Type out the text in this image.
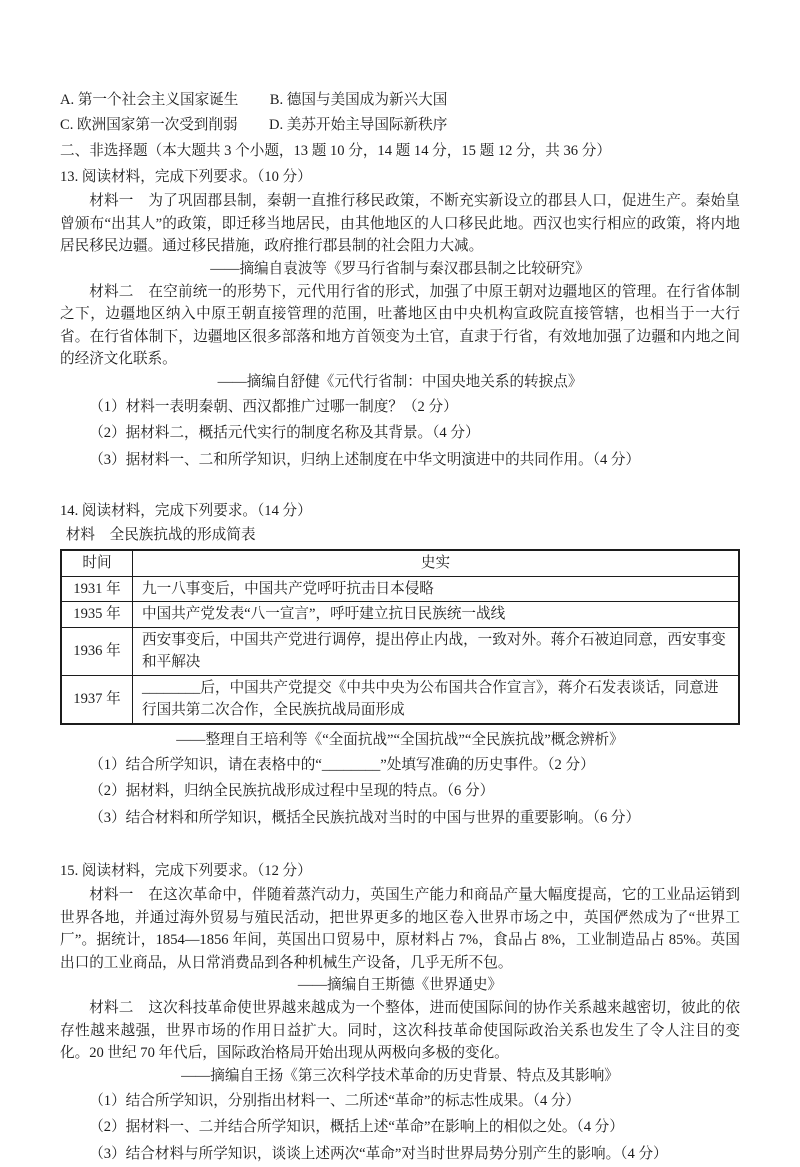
A. 第一个社会主义国家诞生 B. 德国与美国成为新兴大国
C. 欧洲国家第一次受到削弱 D. 美苏开始主导国际新秩序
二、非选择题（本大题共 3 个小题，13 题 10 分，14 题 14 分，15 题 12 分，共 36 分）
13. 阅读材料，完成下列要求。（10 分）

材料一　为了巩固郡县制，秦朝一直推行移民政策，不断充实新设立的郡县人口，促进生产。秦始皇曾颁布“出其人”的政策，即迁移当地居民，由其他地区的人口移民此地。西汉也实行相应的政策，将内地居民移民边疆。通过移民措施，政府推行郡县制的社会阻力大减。

——摘编自袁波等《罗马行省制与秦汉郡县制之比较研究》

材料二　在空前统一的形势下，元代用行省的形式，加强了中原王朝对边疆地区的管理。在行省体制之下，边疆地区纳入中原王朝直接管理的范围，吐蕃地区由中央机构宣政院直接管辖，也相当于一大行省。在行省体制下，边疆地区很多部落和地方首领变为土官，直隶于行省，有效地加强了边疆和内地之间的经济文化联系。

——摘编自舒健《元代行省制：中国央地关系的转捩点》
（1）材料一表明秦朝、西汉都推广过哪一制度？（2 分）
（2）据材料二，概括元代实行的制度名称及其背景。（4 分）
（3）据材料一、二和所学知识，归纳上述制度在中华文明演进中的共同作用。（4 分）
14. 阅读材料，完成下列要求。（14 分）
材料　全民族抗战的形成简表
时间	史实
1931 年	九一八事变后，中国共产党呼吁抗击日本侵略
1935 年	中国共产党发表“八一宣言”，呼吁建立抗日民族统一战线
1936 年	西安事变后，中国共产党进行调停，提出停止内战，一致对外。蒋介石被迫同意，西安事变和平解决
1937 年	________后，中国共产党提交《中共中央为公布国共合作宣言》，蒋介石发表谈话，同意进行国共第二次合作，全民族抗战局面形成
——整理自王培利等《“全面抗战”“全国抗战”“全民族抗战”概念辨析》
（1）结合所学知识，请在表格中的“________”处填写准确的历史事件。（2 分）
（2）据材料，归纳全民族抗战形成过程中呈现的特点。（6 分）
（3）结合材料和所学知识，概括全民族抗战对当时的中国与世界的重要影响。（6 分）
15. 阅读材料，完成下列要求。（12 分）

材料一　在这次革命中，伴随着蒸汽动力，英国生产能力和商品产量大幅度提高，它的工业品运销到世界各地，并通过海外贸易与殖民活动，把世界更多的地区卷入世界市场之中，英国俨然成为了“世界工厂”。据统计，1854—1856 年间，英国出口贸易中，原材料占 7%，食品占 8%，工业制造品占 85%。英国出口的工业商品，从日常消费品到各种机械生产设备，几乎无所不包。

——摘编自王斯德《世界通史》

材料二　这次科技革命使世界越来越成为一个整体，进而使国际间的协作关系越来越密切，彼此的依存性越来越强，世界市场的作用日益扩大。同时，这次科技革命使国际政治关系也发生了令人注目的变化。20 世纪 70 年代后，国际政治格局开始出现从两极向多极的变化。

——摘编自王扬《第三次科学技术革命的历史背景、特点及其影响》
（1）结合所学知识，分别指出材料一、二所述“革命”的标志性成果。（4 分）
（2）据材料一、二并结合所学知识，概括上述“革命”在影响上的相似之处。（4 分）
（3）结合材料与所学知识，谈谈上述两次“革命”对当时世界局势分别产生的影响。（4 分）
